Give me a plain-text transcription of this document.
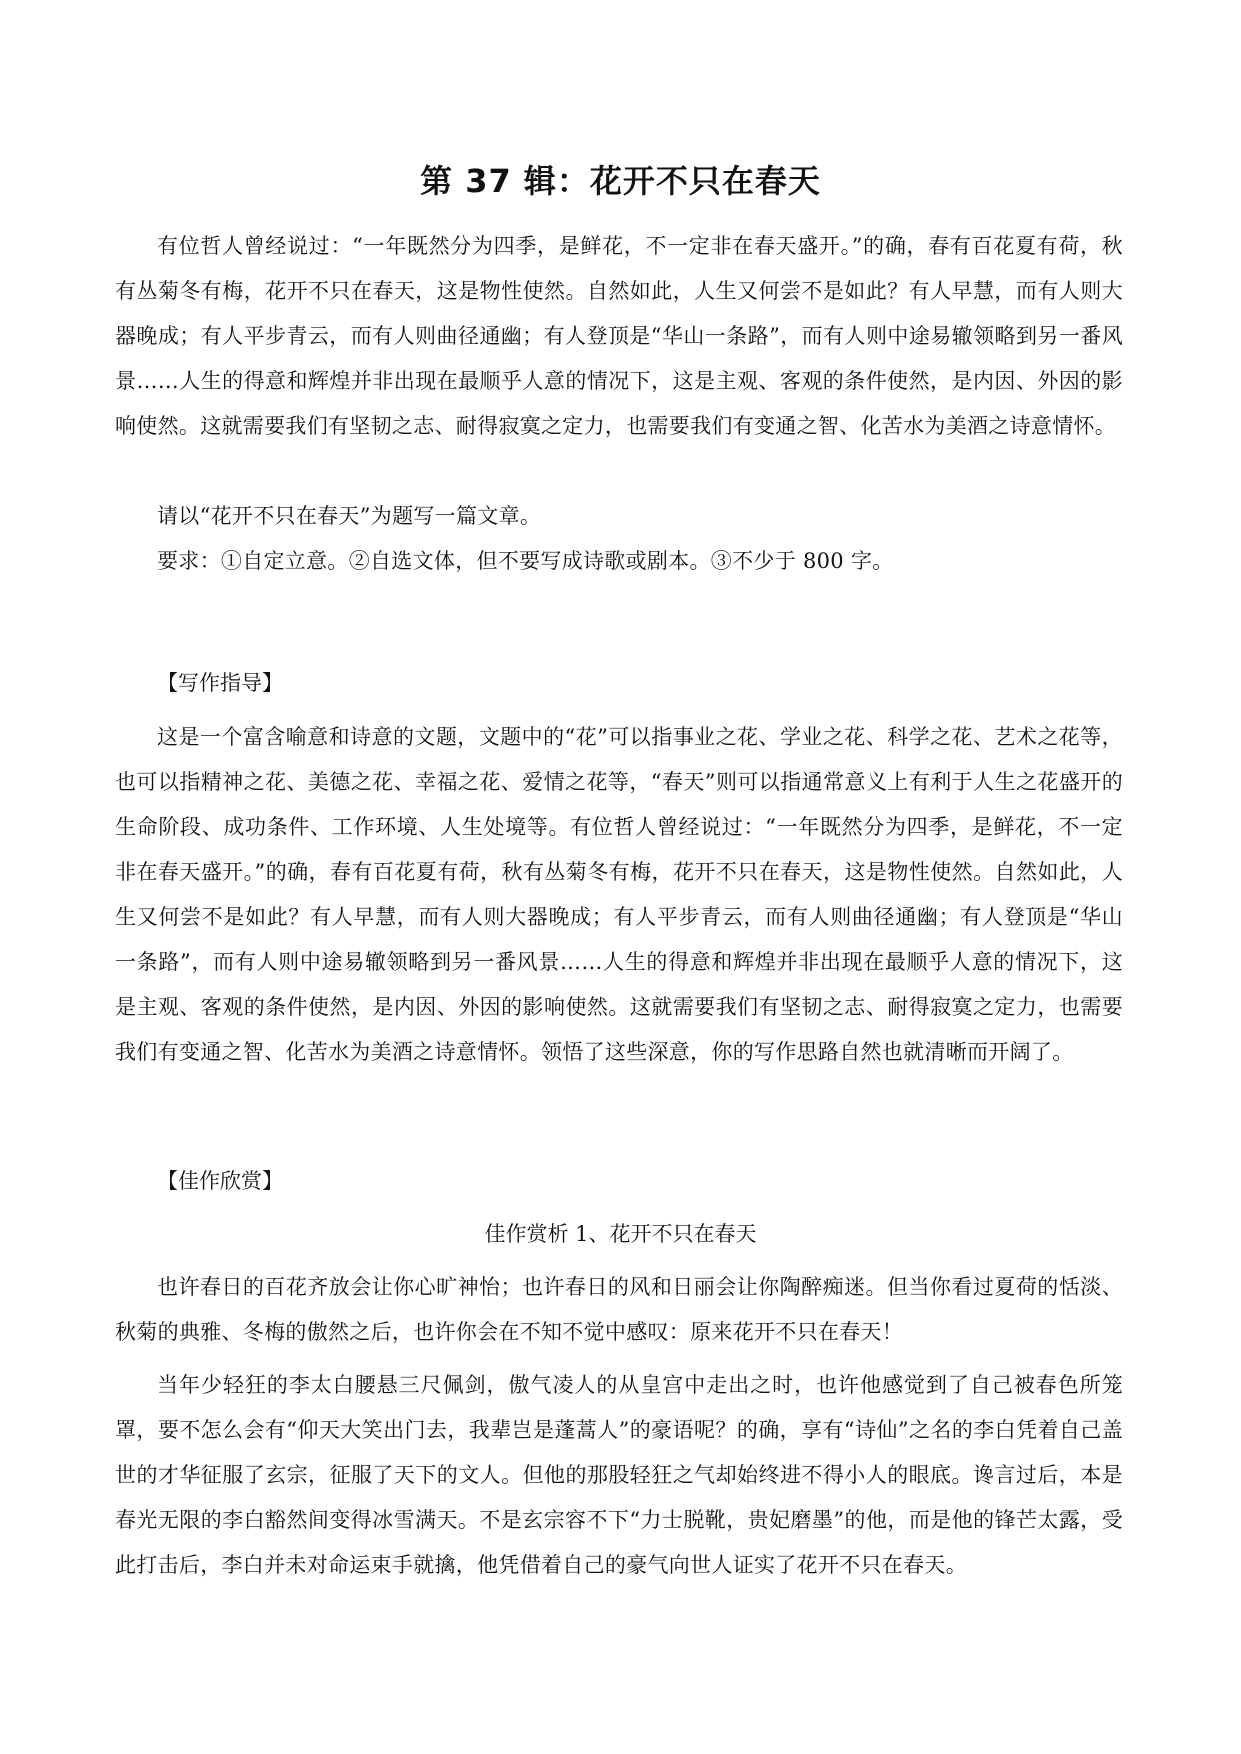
第 37 辑：花开不只在春天

有位哲人曾经说过：“一年既然分为四季，是鲜花，不一定非在春天盛开。”的确，春有百花夏有荷，秋有丛菊冬有梅，花开不只在春天，这是物性使然。自然如此，人生又何尝不是如此？有人早慧，而有人则大器晚成；有人平步青云，而有人则曲径通幽；有人登顶是“华山一条路”，而有人则中途易辙领略到另一番风景……人生的得意和辉煌并非出现在最顺乎人意的情况下，这是主观、客观的条件使然，是内因、外因的影响使然。这就需要我们有坚韧之志、耐得寂寞之定力，也需要我们有变通之智、化苦水为美酒之诗意情怀。

请以“花开不只在春天”为题写一篇文章。

要求：①自定立意。②自选文体，但不要写成诗歌或剧本。③不少于 800 字。

【写作指导】

这是一个富含喻意和诗意的文题，文题中的“花”可以指事业之花、学业之花、科学之花、艺术之花等，也可以指精神之花、美德之花、幸福之花、爱情之花等，“春天”则可以指通常意义上有利于人生之花盛开的生命阶段、成功条件、工作环境、人生处境等。有位哲人曾经说过：“一年既然分为四季，是鲜花，不一定非在春天盛开。”的确，春有百花夏有荷，秋有丛菊冬有梅，花开不只在春天，这是物性使然。自然如此，人生又何尝不是如此？有人早慧，而有人则大器晚成；有人平步青云，而有人则曲径通幽；有人登顶是“华山一条路”，而有人则中途易辙领略到另一番风景……人生的得意和辉煌并非出现在最顺乎人意的情况下，这是主观、客观的条件使然，是内因、外因的影响使然。这就需要我们有坚韧之志、耐得寂寞之定力，也需要我们有变通之智、化苦水为美酒之诗意情怀。领悟了这些深意，你的写作思路自然也就清晰而开阔了。

【佳作欣赏】

佳作赏析 1、花开不只在春天

也许春日的百花齐放会让你心旷神怡；也许春日的风和日丽会让你陶醉痴迷。但当你看过夏荷的恬淡、秋菊的典雅、冬梅的傲然之后，也许你会在不知不觉中感叹：原来花开不只在春天！

当年少轻狂的李太白腰悬三尺佩剑，傲气凌人的从皇宫中走出之时，也许他感觉到了自己被春色所笼罩，要不怎么会有“仰天大笑出门去，我辈岂是蓬蒿人”的豪语呢？的确，享有“诗仙”之名的李白凭着自己盖世的才华征服了玄宗，征服了天下的文人。但他的那股轻狂之气却始终进不得小人的眼底。谗言过后，本是春光无限的李白豁然间变得冰雪满天。不是玄宗容不下“力士脱靴，贵妃磨墨”的他，而是他的锋芒太露，受此打击后，李白并未对命运束手就擒，他凭借着自己的豪气向世人证实了花开不只在春天。
